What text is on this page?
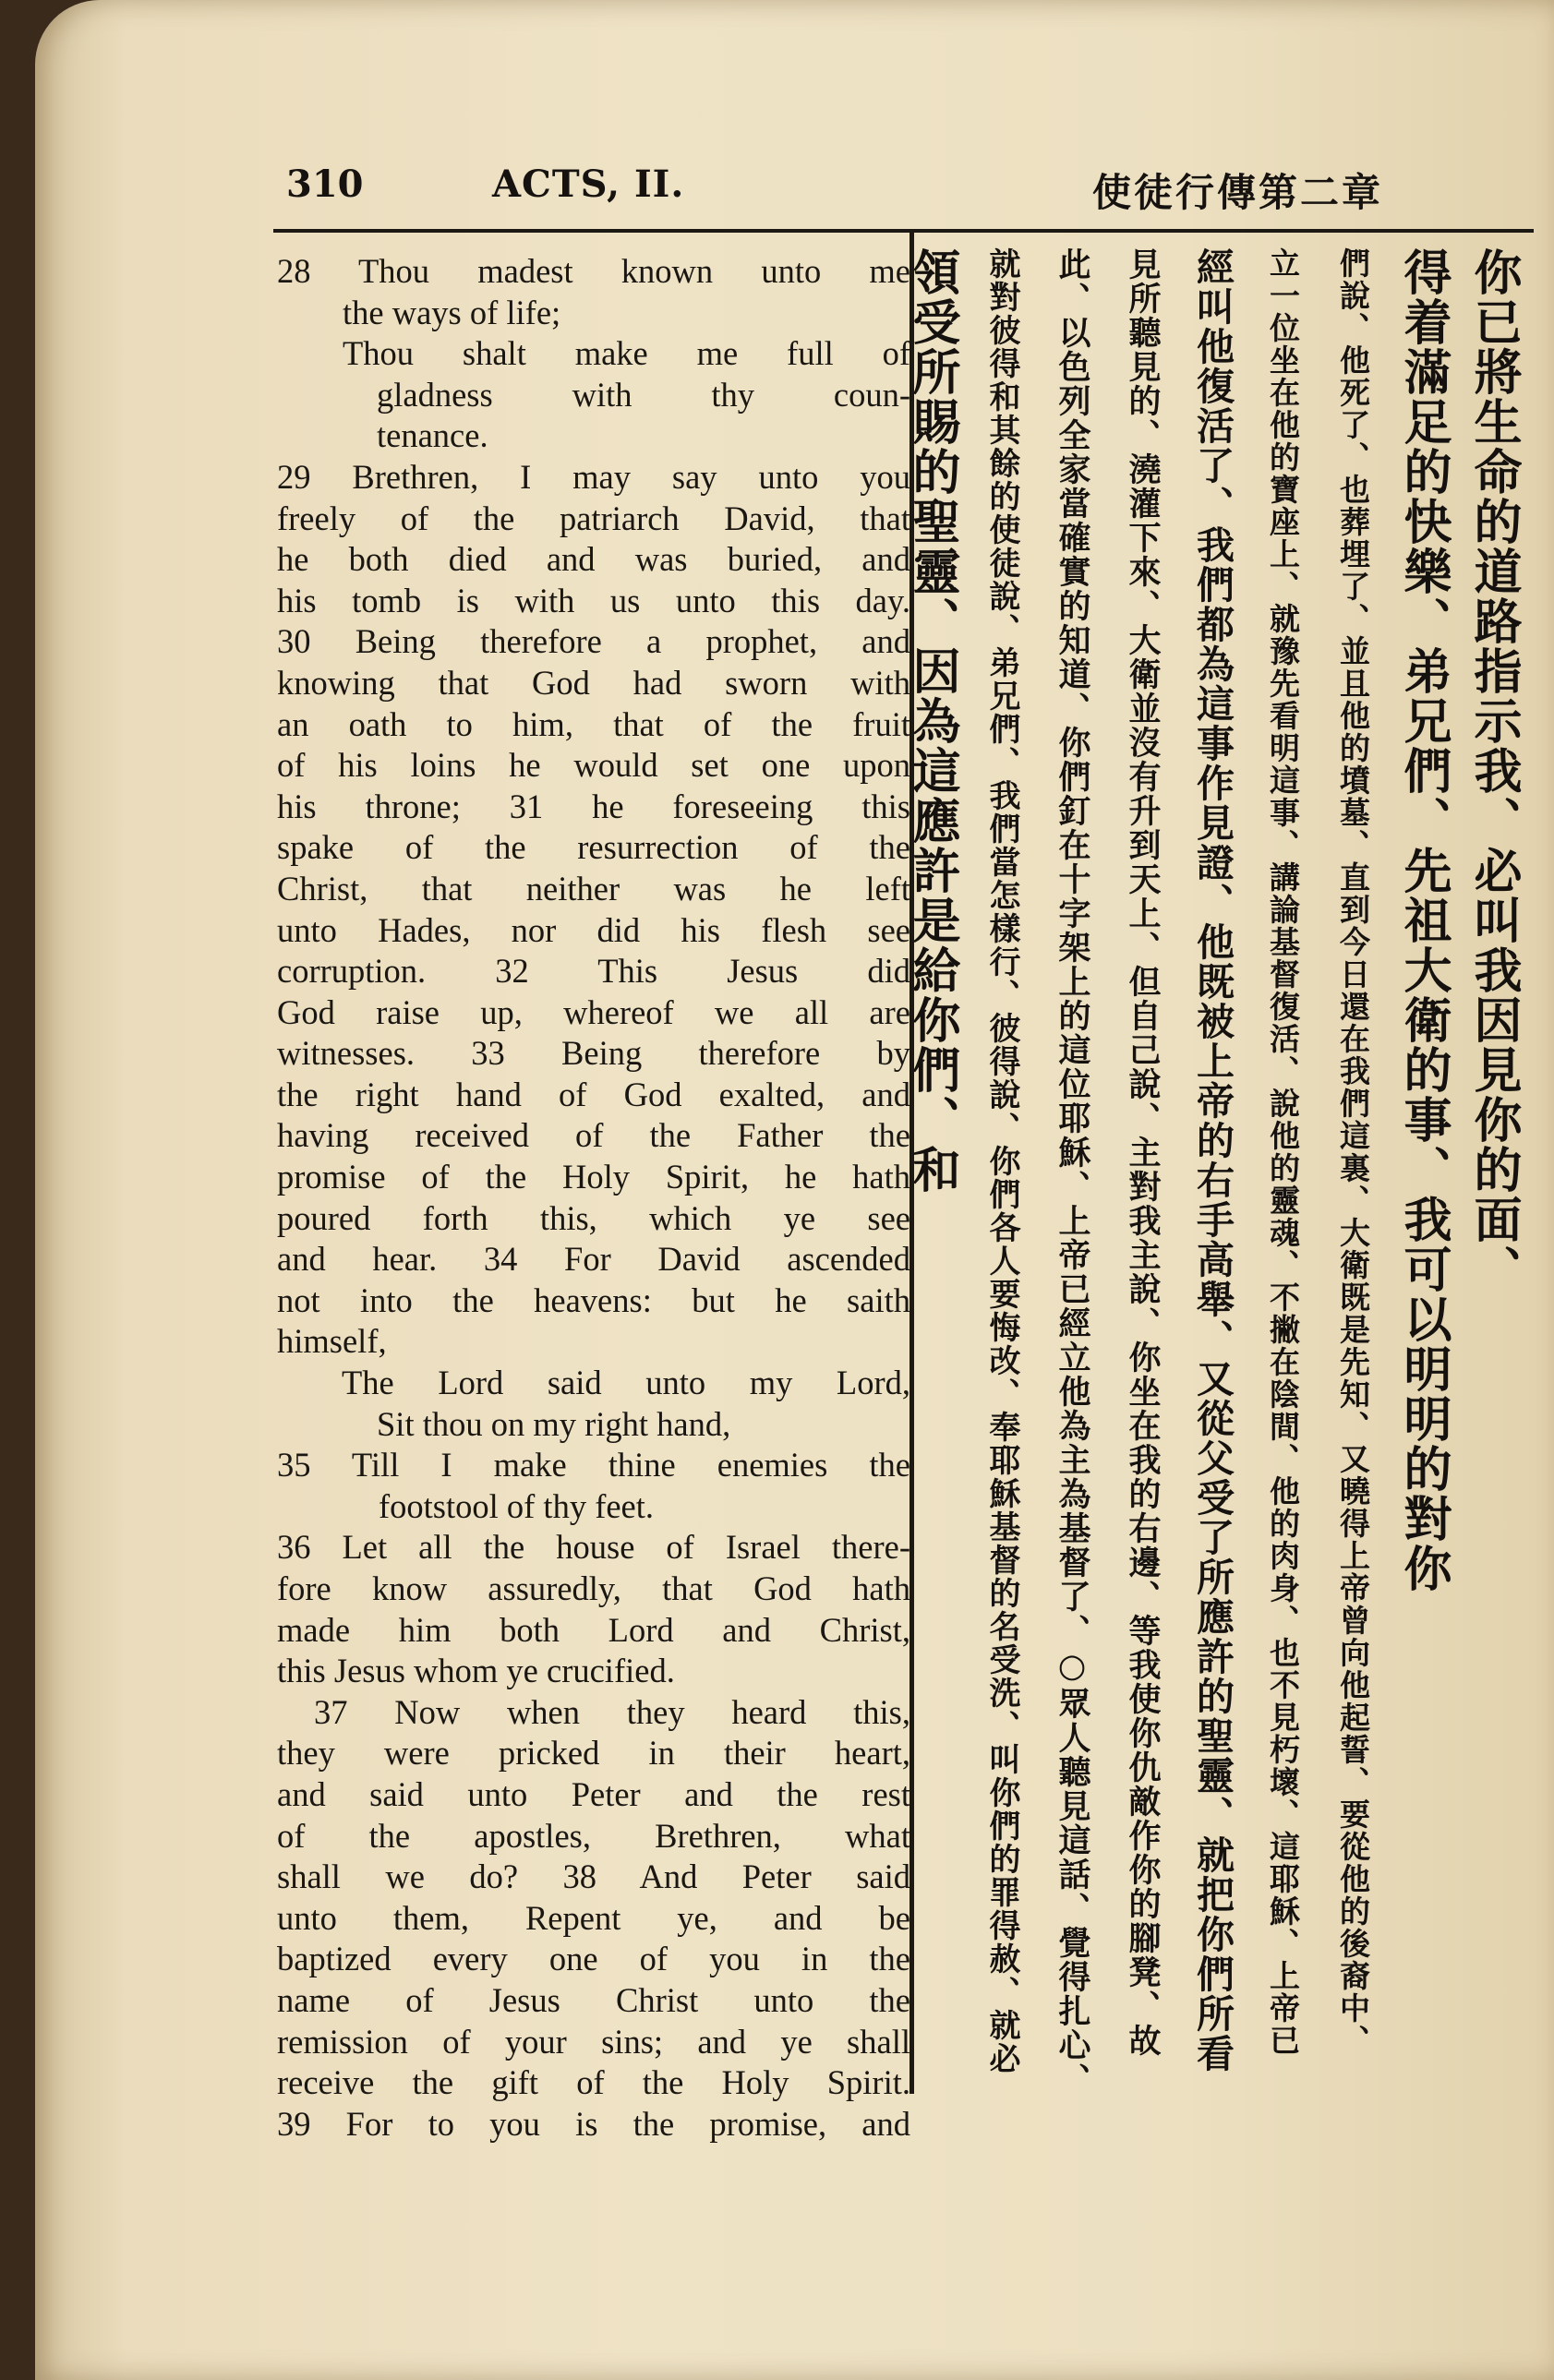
310	ACTS, II.	使徒行傳第二章
28 Thou madest known unto me
the ways of life;
Thou shalt make me full of
gladness with thy coun-
tenance.
29 Brethren, I may say unto you
freely of the patriarch David, that
he both died and was buried, and
his tomb is with us unto this day.
30 Being therefore a prophet, and
knowing that God had sworn with
an oath to him, that of the fruit
of his loins he would set one upon
his throne; 31 he foreseeing this
spake of the resurrection of the
Christ, that neither was he left
unto Hades, nor did his flesh see
corruption. 32 This Jesus did
God raise up, whereof we all are
witnesses. 33 Being therefore by
the right hand of God exalted, and
having received of the Father the
promise of the Holy Spirit, he hath
poured forth this, which ye see
and hear. 34 For David ascended
not into the heavens: but he saith
himself,
The Lord said unto my Lord,
Sit thou on my right hand,
35 Till I make thine enemies the
footstool of thy feet.
36 Let all the house of Israel there-
fore know assuredly, that God hath
made him both Lord and Christ,
this Jesus whom ye crucified.
37 Now when they heard this,
they were pricked in their heart,
and said unto Peter and the rest
of the apostles, Brethren, what
shall we do? 38 And Peter said
unto them, Repent ye, and be
baptized every one of you in the
name of Jesus Christ unto the
remission of your sins; and ye shall
receive the gift of the Holy Spirit.
39 For to you is the promise, and
你已將生命的道路指示我、必叫我因見你的面、
得着滿足的快樂、弟兄們、先祖大衛的事、我可以明明的對你
們說、他死了、也葬埋了、並且他的墳墓、直到今日還在我們這裏、大衛既是先知、又曉得上帝曾向他起誓、要從他的後裔中、
立一位坐在他的寶座上、就豫先看明這事、講論基督復活、說他的靈魂、不撇在陰間、他的肉身、也不見朽壞、這耶穌、上帝已
經叫他復活了、我們都為這事作見證、他既被上帝的右手高舉、又從父受了所應許的聖靈、就把你們所看
見所聽見的、澆灌下來、大衛並沒有升到天上、但自己說、主對我主說、你坐在我的右邊、等我使你仇敵作你的腳凳、故
此、以色列全家當確實的知道、你們釘在十字架上的這位耶穌、上帝已經立他為主為基督了、○眾人聽見這話、覺得扎心、
就對彼得和其餘的使徒說、弟兄們、我們當怎樣行、彼得說、你們各人要悔改、奉耶穌基督的名受洗、叫你們的罪得赦、就必
領受所賜的聖靈、因為這應許是給你們、和
